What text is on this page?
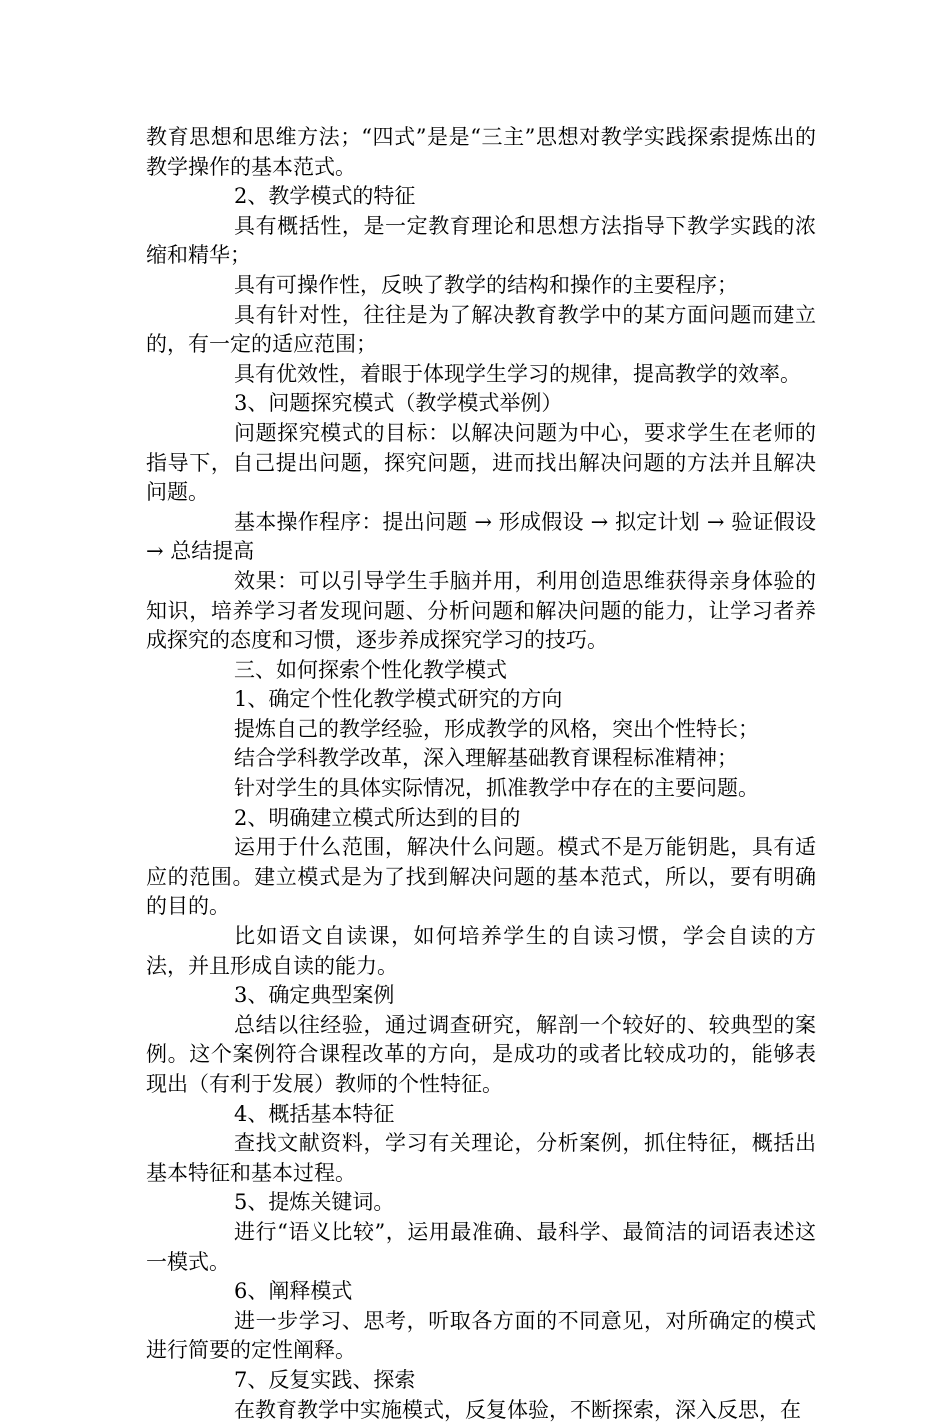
教育思想和思维方法；“四式”是是“三主”思想对教学实践探索提炼出的教学操作的基本范式。

2、教学模式的特征

具有概括性，是一定教育理论和思想方法指导下教学实践的浓缩和精华；

具有可操作性，反映了教学的结构和操作的主要程序；

具有针对性，往往是为了解决教育教学中的某方面问题而建立的，有一定的适应范围；

具有优效性，着眼于体现学生学习的规律，提高教学的效率。

3、问题探究模式（教学模式举例）

问题探究模式的目标：以解决问题为中心，要求学生在老师的指导下，自己提出问题，探究问题，进而找出解决问题的方法并且解决问题。

基本操作程序：提出问题 → 形成假设 → 拟定计划 → 验证假设 → 总结提高

效果：可以引导学生手脑并用，利用创造思维获得亲身体验的知识，培养学习者发现问题、分析问题和解决问题的能力，让学习者养成探究的态度和习惯，逐步养成探究学习的技巧。

三、如何探索个性化教学模式

1、确定个性化教学模式研究的方向

提炼自己的教学经验，形成教学的风格，突出个性特长；

结合学科教学改革，深入理解基础教育课程标准精神；

针对学生的具体实际情况，抓准教学中存在的主要问题。

2、明确建立模式所达到的目的

运用于什么范围，解决什么问题。模式不是万能钥匙，具有适应的范围。建立模式是为了找到解决问题的基本范式，所以，要有明确的目的。

比如语文自读课，如何培养学生的自读习惯，学会自读的方法，并且形成自读的能力。

3、确定典型案例

总结以往经验，通过调查研究，解剖一个较好的、较典型的案例。这个案例符合课程改革的方向，是成功的或者比较成功的，能够表现出（有利于发展）教师的个性特征。

4、概括基本特征

查找文献资料，学习有关理论，分析案例，抓住特征，概括出基本特征和基本过程。

5、提炼关键词。

进行“语义比较”，运用最准确、最科学、最简洁的词语表述这一模式。

6、阐释模式

进一步学习、思考，听取各方面的不同意见，对所确定的模式进行简要的定性阐释。

7、反复实践、探索

在教育教学中实施模式，反复体验，不断探索，深入反思，在
